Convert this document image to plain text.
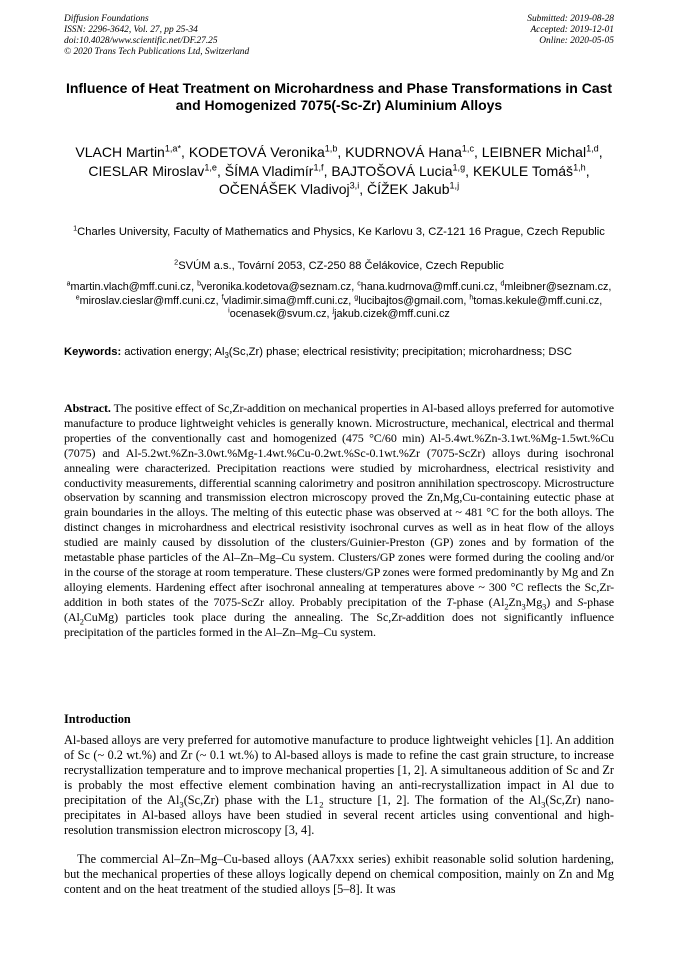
Diffusion Foundations
ISSN: 2296-3642, Vol. 27, pp 25-34
doi:10.4028/www.scientific.net/DF.27.25
© 2020 Trans Tech Publications Ltd, Switzerland
Submitted: 2019-08-28
Accepted: 2019-12-01
Online: 2020-05-05
Influence of Heat Treatment on Microhardness and Phase Transformations in Cast and Homogenized 7075(-Sc-Zr) Aluminium Alloys
VLACH Martin$^{1,a*}$, KODETOVÁ Veronika$^{1,b}$, KUDRNOVÁ Hana$^{1,c}$, LEIBNER Michal$^{1,d}$, CIESLAR Miroslav$^{1,e}$, ŠÍMA Vladimír$^{1,f}$, BAJTOŠOVÁ Lucia$^{1,g}$, KEKULE Tomáš$^{1,h}$, OČENÁŠEK Vladivoj$^{3,i}$, ČÍŽEK Jakub$^{1,j}$
$^1$Charles University, Faculty of Mathematics and Physics, Ke Karlovu 3, CZ-121 16 Prague, Czech Republic
$^2$SVÚM a.s., Tovární 2053, CZ-250 88 Čelákovice, Czech Republic
$^a$martin.vlach@mff.cuni.cz, $^b$veronika.kodetova@seznam.cz, $^c$hana.kudrnova@mff.cuni.cz, $^d$mleibner@seznam.cz, $^e$miroslav.cieslar@mff.cuni.cz, $^f$vladimir.sima@mff.cuni.cz, $^g$lucibajtos@gmail.com, $^h$tomas.kekule@mff.cuni.cz, $^i$ocenasek@svum.cz, $^j$jakub.cizek@mff.cuni.cz
Keywords: activation energy; $Al_3(Sc,Zr)$ phase; electrical resistivity; precipitation; microhardness; DSC
Abstract. The positive effect of Sc,Zr-addition on mechanical properties in Al-based alloys preferred for automotive manufacture to produce lightweight vehicles is generally known. Microstructure, mechanical, electrical and thermal properties of the conventionally cast and homogenized (475 °C/60 min) Al-5.4wt.%Zn-3.1wt.%Mg-1.5wt.%Cu (7075) and Al-5.2wt.%Zn-3.0wt.%Mg-1.4wt.%Cu-0.2wt.%Sc-0.1wt.%Zr (7075-ScZr) alloys during isochronal annealing were characterized. Precipitation reactions were studied by microhardness, electrical resistivity and conductivity measurements, differential scanning calorimetry and positron annihilation spectroscopy. Microstructure observation by scanning and transmission electron microscopy proved the Zn,Mg,Cu-containing eutectic phase at grain boundaries in the alloys. The melting of this eutectic phase was observed at ~ 481 °C for the both alloys. The distinct changes in microhardness and electrical resistivity isochronal curves as well as in heat flow of the alloys studied are mainly caused by dissolution of the clusters/Guinier-Preston (GP) zones and by formation of the metastable phase particles of the Al–Zn–Mg–Cu system. Clusters/GP zones were formed during the cooling and/or in the course of the storage at room temperature. These clusters/GP zones were formed predominantly by Mg and Zn alloying elements. Hardening effect after isochronal annealing at temperatures above ~ 300 °C reflects the Sc,Zr-addition in both states of the 7075-ScZr alloy. Probably precipitation of the T-phase $(Al_2Zn_3Mg_3)$ and S-phase $(Al_2CuMg)$ particles took place during the annealing. The Sc,Zr-addition does not significantly influence precipitation of the particles formed in the Al–Zn–Mg–Cu system.
Introduction
Al-based alloys are very preferred for automotive manufacture to produce lightweight vehicles [1]. An addition of Sc (~ 0.2 wt.%) and Zr (~ 0.1 wt.%) to Al-based alloys is made to refine the cast grain structure, to increase recrystallization temperature and to improve mechanical properties [1, 2]. A simultaneous addition of Sc and Zr is probably the most effective element combination having an anti-recrystallization impact in Al due to precipitation of the $Al_3(Sc,Zr)$ phase with the $L1_2$ structure [1, 2]. The formation of the $Al_3(Sc,Zr)$ nano-precipitates in Al-based alloys have been studied in several recent articles using conventional and high-resolution transmission electron microscopy [3, 4].
The commercial Al–Zn–Mg–Cu-based alloys (AA7xxx series) exhibit reasonable solid solution hardening, but the mechanical properties of these alloys logically depend on chemical composition, mainly on Zn and Mg content and on the heat treatment of the studied alloys [5–8]. It was
